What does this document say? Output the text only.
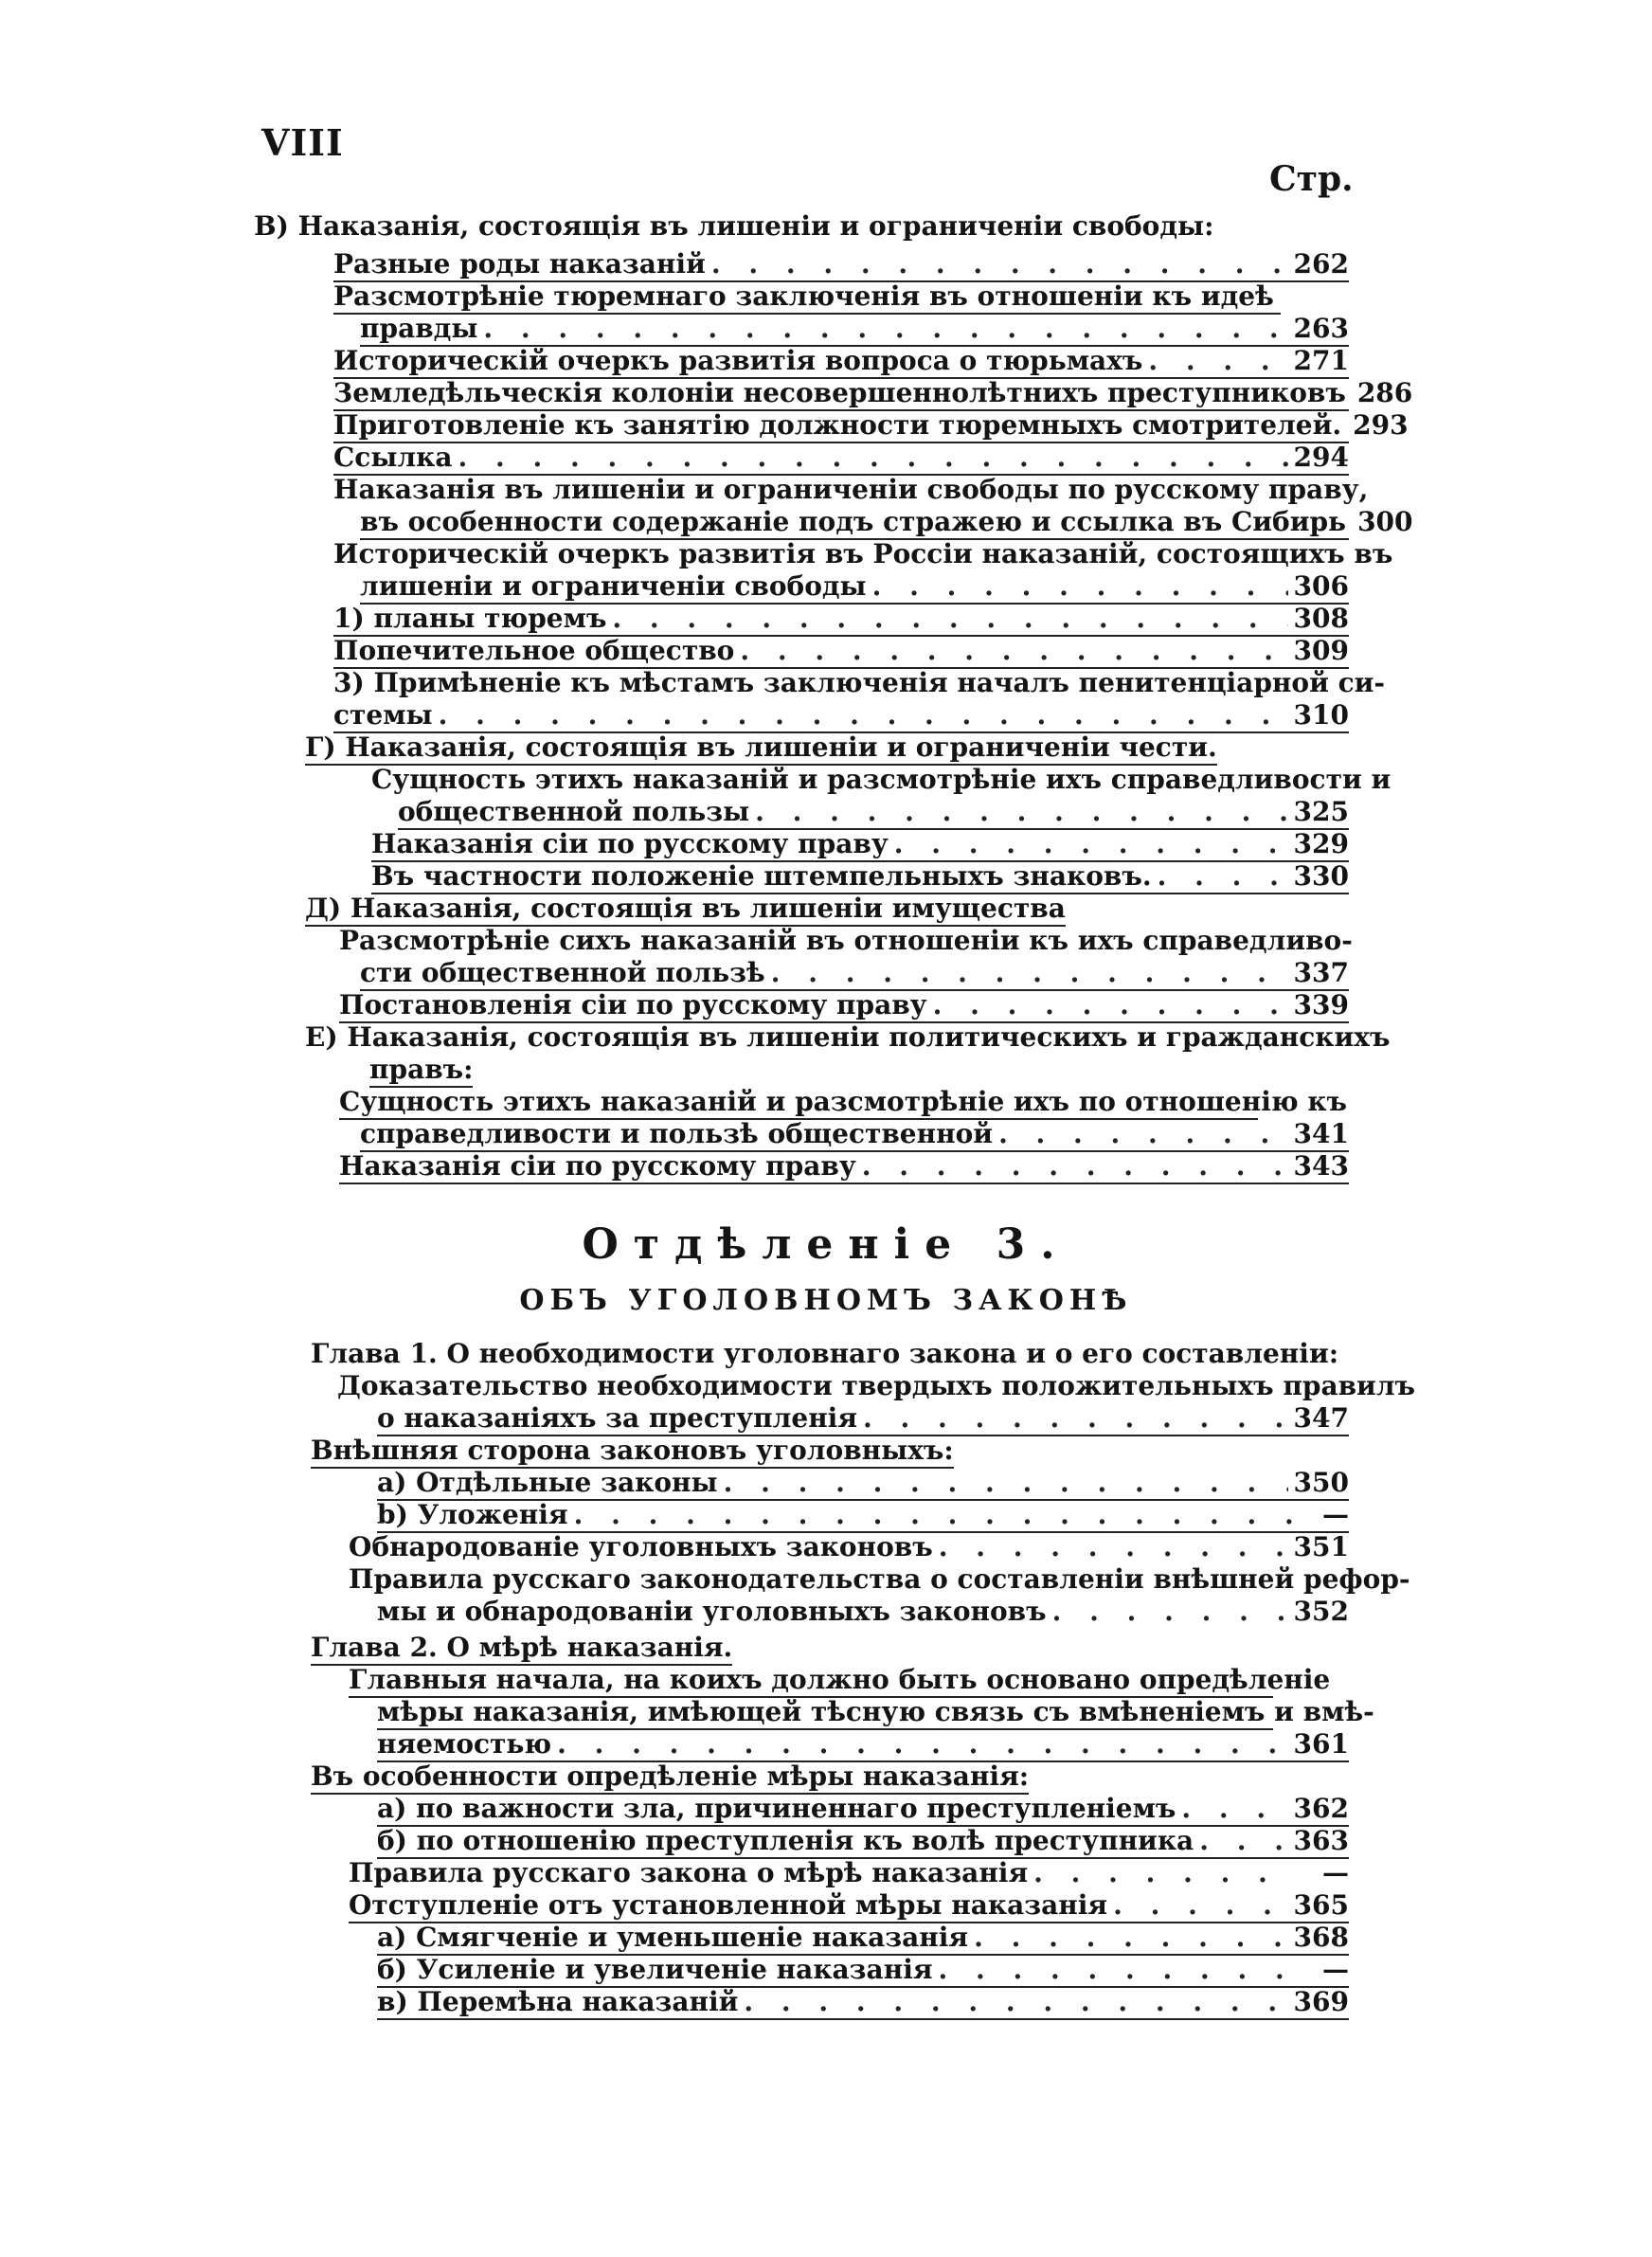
VIII
Стр.
В) Наказанія, состоящія въ лишеніи и ограниченіи свободы:
Разные роды наказаній . . .	262
Разсмотрѣніе тюремнаго заключенія въ отношеніи къ идеѣ
правды . . .	263
Историческій очеркъ развитія вопроса о тюрьмахъ . . .	271
Земледѣльческія колоніи несовершеннолѣтнихъ преступниковъ 286
Приготовленіе къ занятію должности тюремныхъ смотрителей. 293
Ссылка . . .	294
Наказанія въ лишеніи и ограниченіи свободы по русскому праву,
въ особенности содержаніе подъ стражею и ссылка въ Сибирь 300
Историческій очеркъ развитія въ Россіи наказаній, состоящихъ въ
лишеніи и ограниченіи свободы . . .	306
1) планы тюремъ . . .	308
Попечительное общество . . .	309
3) Примѣненіе къ мѣстамъ заключенія началъ пенитенціарной си-
стемы . . .	310
Г) Наказанія, состоящія въ лишеніи и ограниченіи чести.
Сущность этихъ наказаній и разсмотрѣніе ихъ справедливости и
общественной пользы . . .	325
Наказанія сіи по русскому праву . . .	329
Въ частности положеніе штемпельныхъ знаковъ. . . .	330
Д) Наказанія, состоящія въ лишеніи имущества
Разсмотрѣніе сихъ наказаній въ отношеніи къ ихъ справедливо-
сти общественной пользѣ . . .	337
Постановленія сіи по русскому праву . . .	339
Е) Наказанія, состоящія въ лишеніи политическихъ и гражданскихъ
правъ:
Сущность этихъ наказаній и разсмотрѣніе ихъ по отношенію къ
справедливости и пользѣ общественной . . .	341
Наказанія сіи по русскому праву . . .	343
Отдѣленіе 3.
ОБЪ УГОЛОВНОМЪ ЗАКОНѢ
Глава 1. О необходимости уголовнаго закона и о его составленіи:
Доказательство необходимости твердыхъ положительныхъ правилъ
о наказаніяхъ за преступленія . . .	347
Внѣшняя сторона законовъ уголовныхъ:
а) Отдѣльные законы . . .	350
b) Уложенія . . .	—
Обнародованіе уголовныхъ законовъ . . .	351
Правила русскаго законодательства о составленіи внѣшней рефор-
мы и обнародованіи уголовныхъ законовъ . . .	352
Глава 2. О мѣрѣ наказанія.
Главныя начала, на коихъ должно быть основано опредѣленіе
мѣры наказанія, имѣющей тѣсную связь съ вмѣненіемъ и вмѣ-
няемостью . . .	361
Въ особенности опредѣленіе мѣры наказанія:
а) по важности зла, причиненнаго преступленіемъ . . .	362
б) по отношенію преступленія къ волѣ преступника . . .	363
Правила русскаго закона о мѣрѣ наказанія . . .	—
Отступленіе отъ установленной мѣры наказанія . . .	365
а) Смягченіе и уменьшеніе наказанія . . .	368
б) Усиленіе и увеличеніе наказанія . . .	—
в) Перемѣна наказаній . . .	369
